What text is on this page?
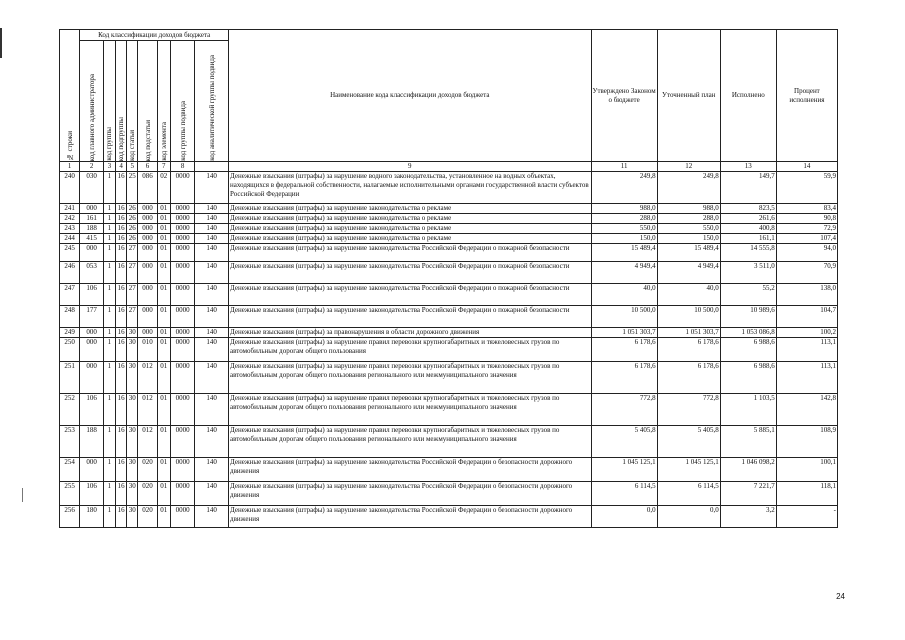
№ строки	Код классификации доходов бюджета								Наименование кода классификации доходов бюджета	Утверждено Законом о бюджете	Уточненный план	Исполнено	Процент исполнения

	код главного администратора	код группы	код подгруппы	код статьи	код подстатьи	код элемента	код группы подвида	код аналитической группы подвида					

1	2	3	4	5	6	7	8		9	11	12	13	14
240	030	1	16	25	086	02	0000	140	Денежные взыскания (штрафы) за нарушение водного законодательства, установленное на водных объектах, находящихся в федеральной собственности, налагаемые исполнительными органами государственной власти субъектов Российской Федерации	249,8	249,8	149,7	59,9
241	000	1	16	26	000	01	0000	140	Денежные взыскания (штрафы) за нарушение законодательства о рекламе	988,0	988,0	823,5	83,4
242	161	1	16	26	000	01	0000	140	Денежные взыскания (штрафы) за нарушение законодательства о рекламе	288,0	288,0	261,6	90,8
243	188	1	16	26	000	01	0000	140	Денежные взыскания (штрафы) за нарушение законодательства о рекламе	550,0	550,0	400,8	72,9
244	415	1	16	26	000	01	0000	140	Денежные взыскания (штрафы) за нарушение законодательства о рекламе	150,0	150,0	161,1	107,4
245	000	1	16	27	000	01	0000	140	Денежные взыскания (штрафы) за нарушение законодательства Российской Федерации о пожарной безопасности	15 489,4	15 489,4	14 555,8	94,0
246	053	1	16	27	000	01	0000	140	Денежные взыскания (штрафы) за нарушение законодательства Российской Федерации о пожарной безопасности	4 949,4	4 949,4	3 511,0	70,9
247	106	1	16	27	000	01	0000	140	Денежные взыскания (штрафы) за нарушение законодательства Российской Федерации о пожарной безопасности	40,0	40,0	55,2	138,0
248	177	1	16	27	000	01	0000	140	Денежные взыскания (штрафы) за нарушение законодательства Российской Федерации о пожарной безопасности	10 500,0	10 500,0	10 989,6	104,7
249	000	1	16	30	000	01	0000	140	Денежные взыскания (штрафы) за правонарушения в области дорожного движения	1 051 303,7	1 051 303,7	1 053 086,8	100,2
250	000	1	16	30	010	01	0000	140	Денежные взыскания (штрафы) за нарушение правил перевозки крупногабаритных и тяжеловесных грузов по автомобильным дорогам общего пользования	6 178,6	6 178,6	6 988,6	113,1
251	000	1	16	30	012	01	0000	140	Денежные взыскания (штрафы) за нарушение правил перевозки крупногабаритных и тяжеловесных грузов по автомобильным дорогам общего пользования регионального или межмуниципального значения	6 178,6	6 178,6	6 988,6	113,1
252	106	1	16	30	012	01	0000	140	Денежные взыскания (штрафы) за нарушение правил перевозки крупногабаритных и тяжеловесных грузов по автомобильным дорогам общего пользования регионального или межмуниципального значения	772,8	772,8	1 103,5	142,8
253	188	1	16	30	012	01	0000	140	Денежные взыскания (штрафы) за нарушение правил перевозки крупногабаритных и тяжеловесных грузов по автомобильным дорогам общего пользования регионального или межмуниципального значения	5 405,8	5 405,8	5 885,1	108,9
254	000	1	16	30	020	01	0000	140	Денежные взыскания (штрафы) за нарушение законодательства Российской Федерации о безопасности дорожного движения	1 045 125,1	1 045 125,1	1 046 098,2	100,1
255	106	1	16	30	020	01	0000	140	Денежные взыскания (штрафы) за нарушение законодательства Российской Федерации о безопасности дорожного движения	6 114,5	6 114,5	7 221,7	118,1
256	180	1	16	30	020	01	0000	140	Денежные взыскания (штрафы) за нарушение законодательства Российской Федерации о безопасности дорожного движения	0,0	0,0	3,2	-
24
